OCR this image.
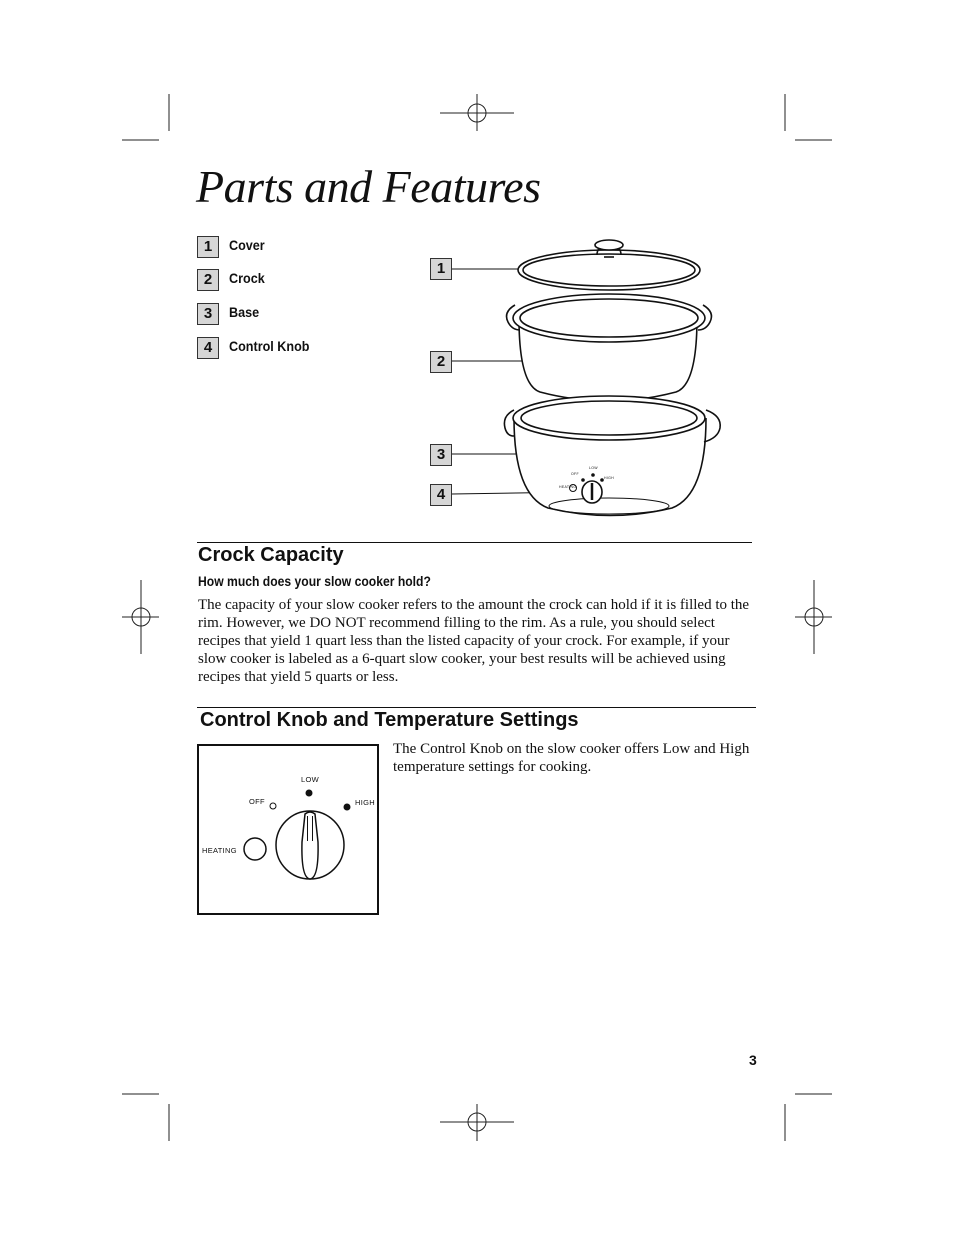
Parts and Features
1	Cover
2	Crock
3	Base
4	Control Knob
1
2
3
4
OFF
LOW
HIGH
HEATING
Crock Capacity
How much does your slow cooker hold?
The capacity of your slow cooker refers to the amount the crock can hold if it is filled to the rim. However, we DO NOT recommend filling to the rim. As a rule, you should select recipes that yield 1 quart less than the listed capacity of your crock. For example, if your slow cooker is labeled as a 6-quart slow cooker, your best results will be achieved using recipes that yield 5 quarts or less.
Control Knob and Temperature Settings
The Control Knob on the slow cooker offers Low and High temperature settings for cooking.
OFF
LOW
HIGH
HEATING
3
